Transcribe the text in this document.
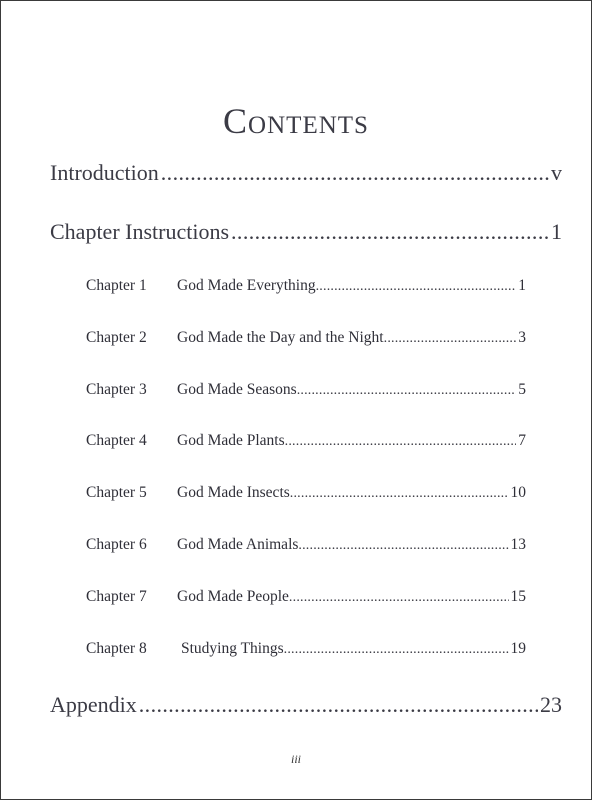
Contents
Introduction .....	v
Chapter Instructions .....	1
Chapter 1	God Made Everything .....	1
Chapter 2	God Made the Day and the Night .....	3
Chapter 3	God Made Seasons .....	5
Chapter 4	God Made Plants .....	7
Chapter 5	God Made Insects .....	10
Chapter 6	God Made Animals .....	13
Chapter 7	God Made People .....	15
Chapter 8	Studying Things .....	19
Appendix .....	23
iii
